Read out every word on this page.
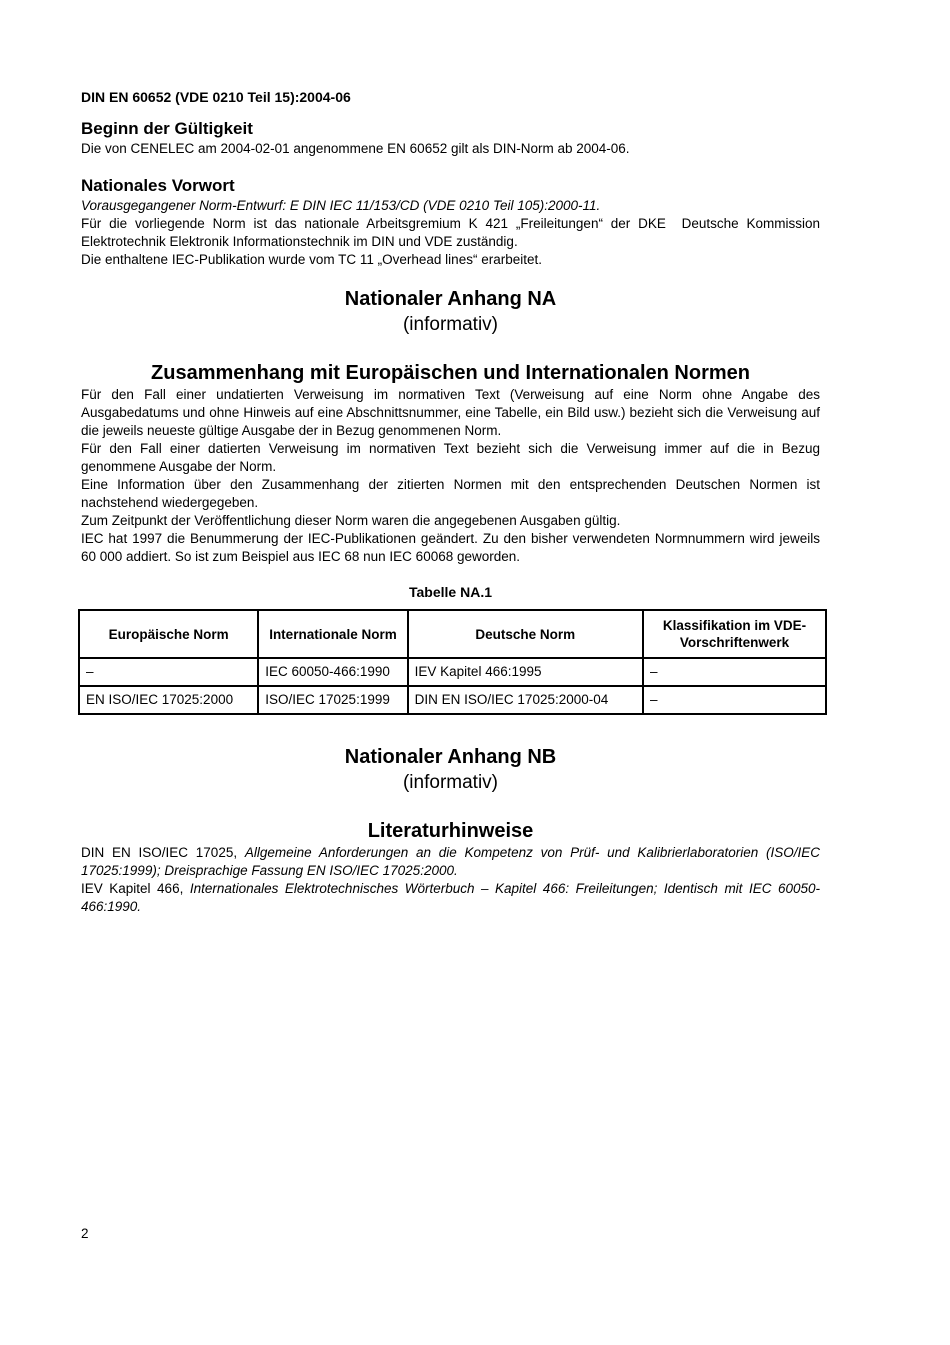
DIN EN 60652 (VDE 0210 Teil 15):2004-06
Beginn der Gültigkeit

Die von CENELEC am 2004-02-01 angenommene EN 60652 gilt als DIN-Norm ab 2004-06.

Nationales Vorwort

Vorausgegangener Norm-Entwurf: E DIN IEC 11/153/CD (VDE 0210 Teil 105):2000-11.

Für die vorliegende Norm ist das nationale Arbeitsgremium K 421 „Freileitungen“ der DKE  Deutsche Kommission Elektrotechnik Elektronik Informationstechnik im DIN und VDE zuständig.

Die enthaltene IEC-Publikation wurde vom TC 11 „Overhead lines“ erarbeitet.

Nationaler Anhang NA
(informativ)
Zusammenhang mit Europäischen und Internationalen Normen

Für den Fall einer undatierten Verweisung im normativen Text (Verweisung auf eine Norm ohne Angabe des Ausgabedatums und ohne Hinweis auf eine Abschnittsnummer, eine Tabelle, ein Bild usw.) bezieht sich die Verweisung auf die jeweils neueste gültige Ausgabe der in Bezug genommenen Norm.

Für den Fall einer datierten Verweisung im normativen Text bezieht sich die Verweisung immer auf die in Bezug genommene Ausgabe der Norm.

Eine Information über den Zusammenhang der zitierten Normen mit den entsprechenden Deutschen Normen ist nachstehend wiedergegeben.

Zum Zeitpunkt der Veröffentlichung dieser Norm waren die angegebenen Ausgaben gültig.

IEC hat 1997 die Benummerung der IEC-Publikationen geändert. Zu den bisher verwendeten Normnummern wird jeweils 60 000 addiert. So ist zum Beispiel aus IEC 68 nun IEC 60068 geworden.

Tabelle NA.1
Europäische Norm	Internationale Norm	Deutsche Norm	Klassifikation im VDE-Vorschriftenwerk
–	IEC 60050-466:1990	IEV Kapitel 466:1995	–
EN ISO/IEC 17025:2000	ISO/IEC 17025:1999	DIN EN ISO/IEC 17025:2000-04	–
Nationaler Anhang NB
(informativ)
Literaturhinweise

DIN EN ISO/IEC 17025, Allgemeine Anforderungen an die Kompetenz von Prüf- und Kalibrierlaboratorien (ISO/IEC 17025:1999); Dreisprachige Fassung EN ISO/IEC 17025:2000.

IEV Kapitel 466, Internationales Elektrotechnisches Wörterbuch – Kapitel 466: Freileitungen; Identisch mit IEC 60050-466:1990.

2
